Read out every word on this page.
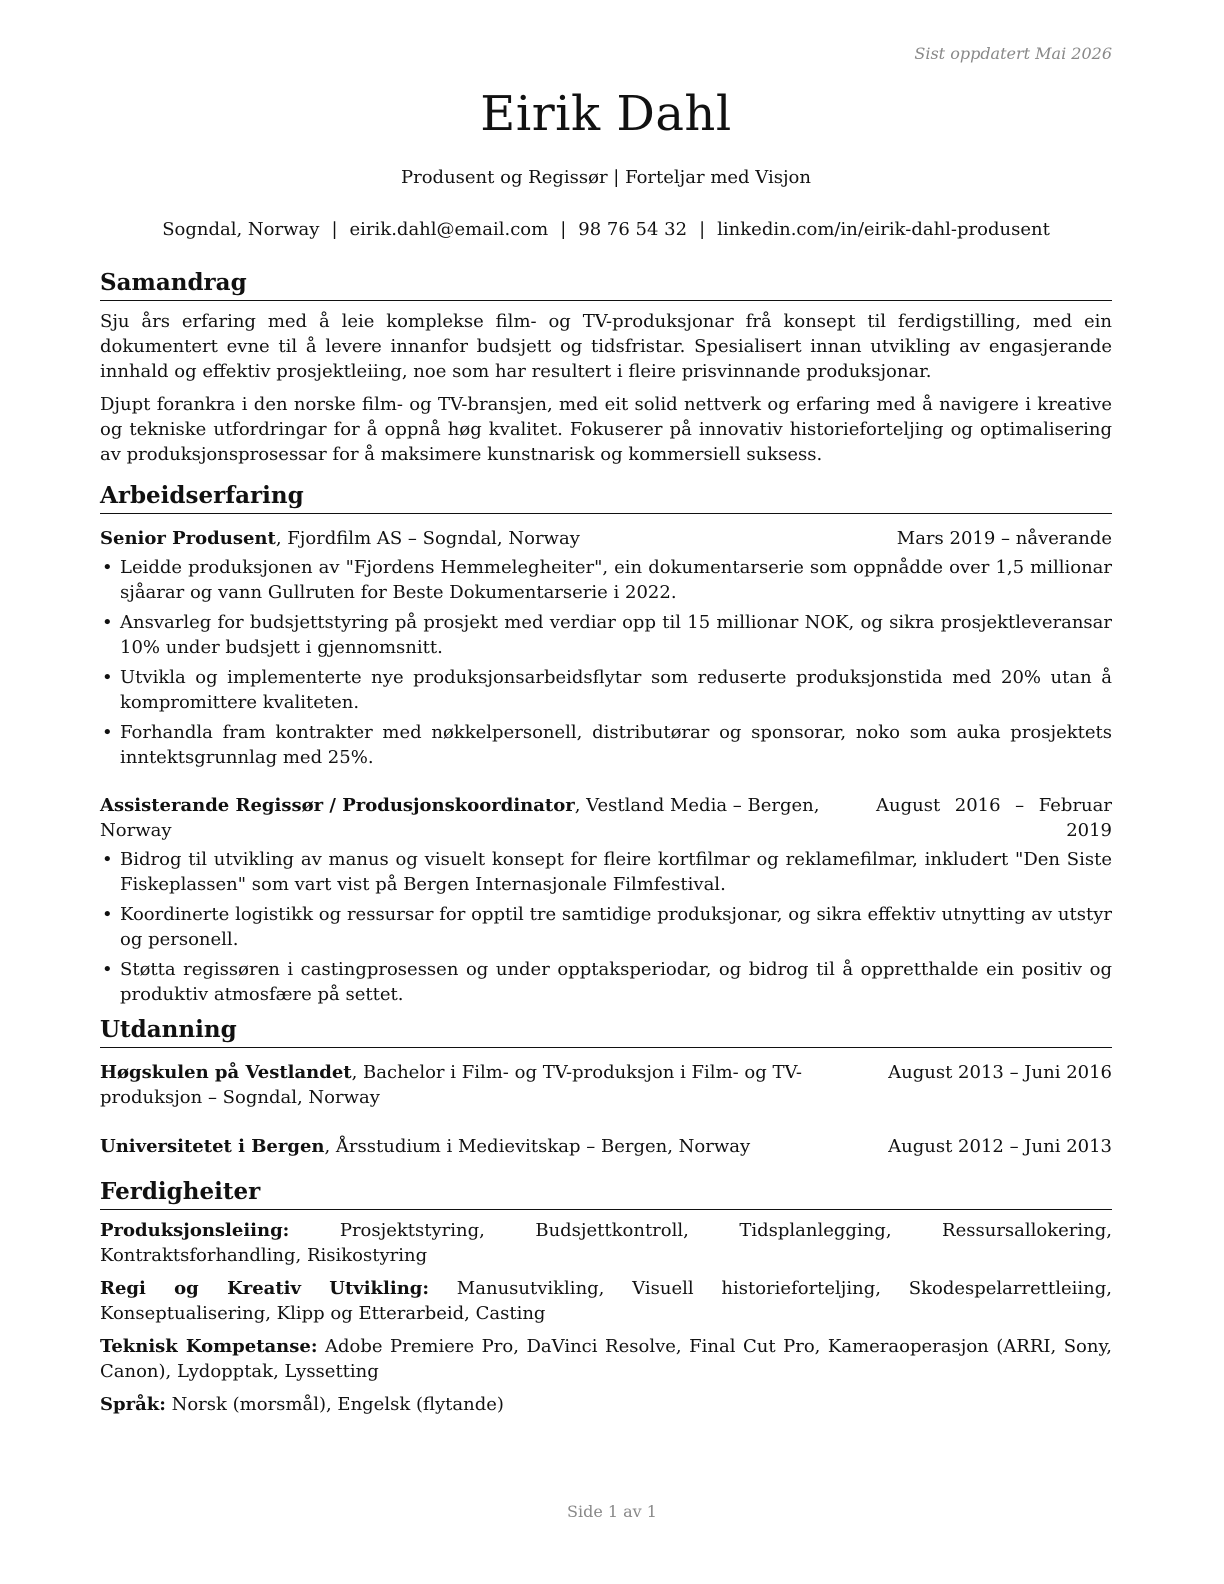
Sist oppdatert Mai 2026
Eirik Dahl
Produsent og Regissør | Forteljar med Visjon
Sogndal, Norway | eirik.dahl@email.com | 98 76 54 32 | linkedin.com/in/eirik-dahl-produsent
Samandrag

Sju års erfaring med å leie komplekse film- og TV-produksjonar frå konsept til ferdigstilling, med ein dokumentert evne til å levere innanfor budsjett og tidsfristar. Spesialisert innan utvikling av engasjerande innhald og effektiv prosjektleiing, noe som har resultert i fleire prisvinnande produksjonar.

Djupt forankra i den norske film- og TV-bransjen, med eit solid nettverk og erfaring med å navigere i kreative og tekniske utfordringar for å oppnå høg kvalitet. Fokuserer på innovativ historieforteljing og optimalisering av produksjonsprosessar for å maksimere kunstnarisk og kommersiell suksess.

Arbeidserfaring
Senior Produsent, Fjordfilm AS – Sogndal, Norway	Mars 2019 – nåverande
• Leidde produksjonen av "Fjordens Hemmelegheiter", ein dokumentarserie som oppnådde over 1,5 millionar sjåarar og vann Gullruten for Beste Dokumentarserie i 2022.
• Ansvarleg for budsjettstyring på prosjekt med verdiar opp til 15 millionar NOK, og sikra prosjektleveransar 10% under budsjett i gjennomsnitt.
• Utvikla og implementerte nye produksjonsarbeidsflytar som reduserte produksjonstida med 20% utan å kompromittere kvaliteten.
• Forhandla fram kontrakter med nøkkelpersonell, distributørar og sponsorar, noko som auka prosjektets inntektsgrunnlag med 25%.
Assisterande Regissør / Produsjonskoordinator, Vestland Media – Bergen, Norway
August 2016 – Februar 2019
• Bidrog til utvikling av manus og visuelt konsept for fleire kortfilmar og reklamefilmar, inkludert "Den Siste Fiskeplassen" som vart vist på Bergen Internasjonale Filmfestival.
• Koordinerte logistikk og ressursar for opptil tre samtidige produksjonar, og sikra effektiv utnytting av utstyr og personell.
• Støtta regissøren i castingprosessen og under opptaksperiodar, og bidrog til å oppretthalde ein positiv og produktiv atmosfære på settet.
Utdanning
Høgskulen på Vestlandet, Bachelor i Film- og TV-produksjon i Film- og TV-produksjon – Sogndal, Norway
August 2013 – Juni 2016
Universitetet i Bergen, Årsstudium i Medievitskap – Bergen, Norway	August 2012 – Juni 2013
Ferdigheiter

Produksjonsleiing: Prosjektstyring, Budsjettkontroll, Tidsplanlegging, Ressursallokering, Kontraktsforhandling, Risikostyring

Regi og Kreativ Utvikling: Manusutvikling, Visuell historieforteljing, Skodespelarrettleiing, Konseptualisering, Klipp og Etterarbeid, Casting

Teknisk Kompetanse: Adobe Premiere Pro, DaVinci Resolve, Final Cut Pro, Kameraoperasjon (ARRI, Sony, Canon), Lydopptak, Lyssetting

Språk: Norsk (morsmål), Engelsk (flytande)

Side 1 av 1
